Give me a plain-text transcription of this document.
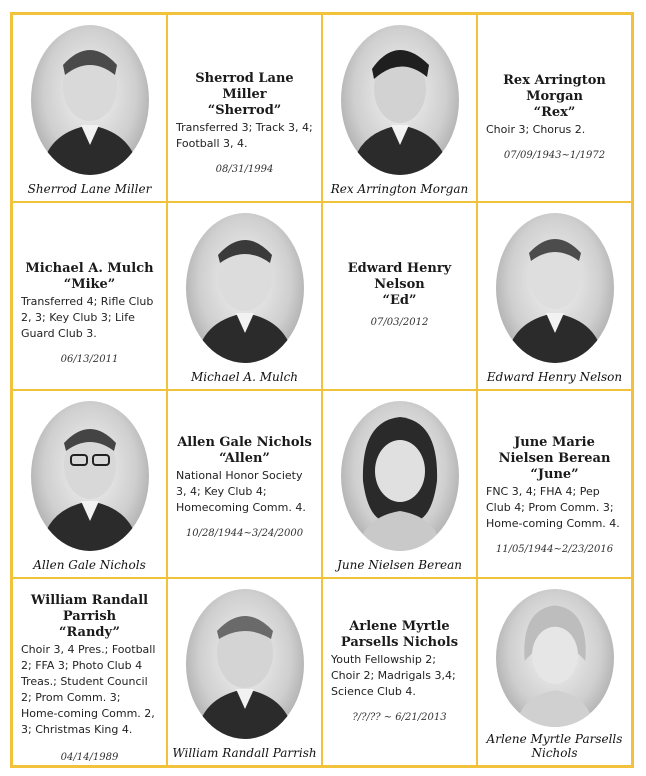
Sherrod Lane Miller
Sherrod Lane Miller
“Sherrod”
Transferred 3; Track 3, 4; Football 3, 4.
08/31/1994
Rex Arrington Morgan
Rex Arrington Morgan
“Rex”
Choir 3; Chorus 2.
07/09/1943~1/1972
Michael A. Mulch
“Mike”
Transferred 4; Rifle Club 2, 3; Key Club 3; Life Guard Club 3.
06/13/2011
Michael A. Mulch
Edward Henry Nelson
“Ed”
07/03/2012
Edward Henry Nelson
Allen Gale Nichols
Allen Gale Nichols
“Allen”
National Honor Society 3, 4; Key Club 4; Homecoming Comm. 4.
10/28/1944~3/24/2000
June Nielsen Berean
June Marie Nielsen Berean
“June”
FNC 3, 4; FHA 4; Pep Club 4; Prom Comm. 3; Home-coming Comm. 4.
11/05/1944~2/23/2016
William Randall Parrish
“Randy”
Choir 3, 4 Pres.; Football 2; FFA 3; Photo Club 4 Treas.; Student Council 2; Prom Comm. 3; Home-coming Comm. 2, 3; Christmas King 4.
04/14/1989	William Randall Parrish
Arlene Myrtle Parsells Nichols
Youth Fellowship 2; Choir 2; Madrigals 3,4; Science Club 4.
?/?/?? ~ 6/21/2013
Arlene Myrtle Parsells Nichols
